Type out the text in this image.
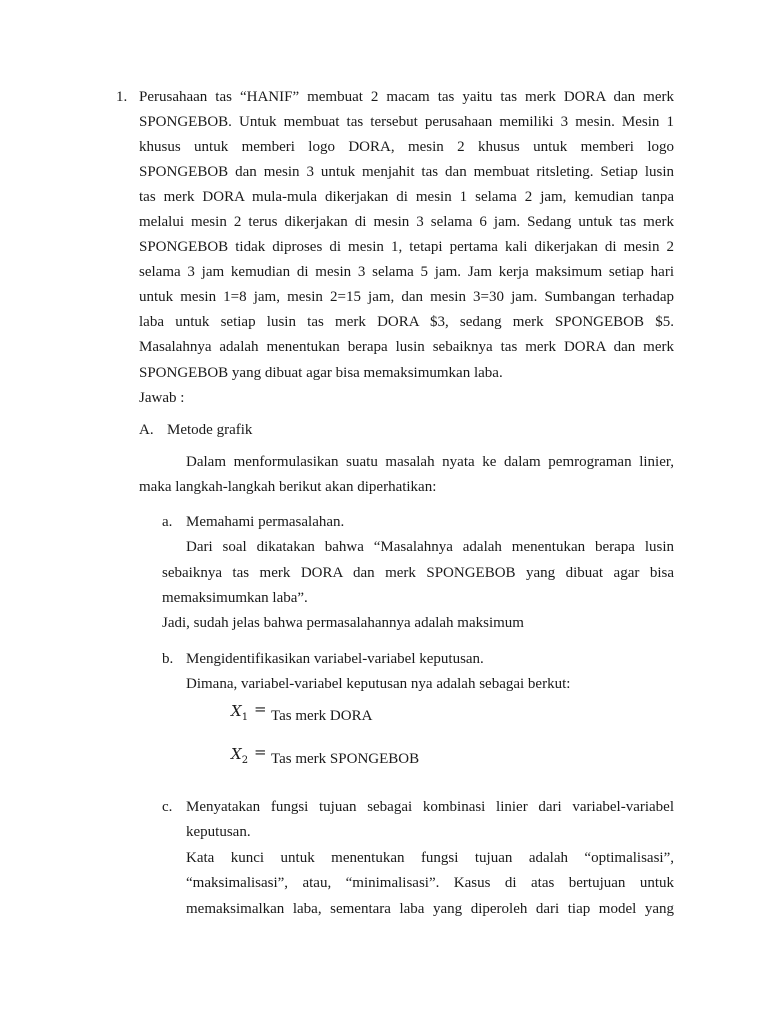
1. Perusahaan tas “HANIF” membuat 2 macam tas yaitu tas merk DORA dan merk
SPONGEBOB. Untuk membuat tas tersebut perusahaan memiliki 3 mesin. Mesin 1
khusus untuk memberi logo DORA, mesin 2 khusus untuk memberi logo
SPONGEBOB dan mesin 3 untuk menjahit tas dan membuat ritsleting. Setiap lusin
tas merk DORA mula-mula dikerjakan di mesin 1 selama 2 jam, kemudian tanpa
melalui mesin 2 terus dikerjakan di mesin 3 selama 6 jam. Sedang untuk tas merk
SPONGEBOB tidak diproses di mesin 1, tetapi pertama kali dikerjakan di mesin 2
selama 3 jam kemudian di mesin 3 selama 5 jam. Jam kerja maksimum setiap hari
untuk mesin 1=8 jam, mesin 2=15 jam, dan mesin 3=30 jam. Sumbangan terhadap
laba untuk setiap lusin tas merk DORA $3, sedang merk SPONGEBOB $5.
Masalahnya adalah menentukan berapa lusin sebaiknya tas merk DORA dan merk
SPONGEBOB yang dibuat agar bisa memaksimumkan laba.
Jawab :
A. Metode grafik
Dalam menformulasikan suatu masalah nyata ke dalam pemrograman linier,
maka langkah-langkah berikut akan diperhatikan:
a. Memahami permasalahan.
Dari soal dikatakan bahwa “Masalahnya adalah menentukan berapa lusin
sebaiknya tas merk DORA dan merk SPONGEBOB yang dibuat agar bisa
memaksimumkan laba”.
Jadi, sudah jelas bahwa permasalahannya adalah maksimum
b. Mengidentifikasikan variabel-variabel keputusan.
Dimana, variabel-variabel keputusan nya adalah sebagai berkut:
$X_1$ = Tas merk DORA
$X_2$ = Tas merk SPONGEBOB
c. Menyatakan fungsi tujuan sebagai kombinasi linier dari variabel-variabel
keputusan.
Kata kunci untuk menentukan fungsi tujuan adalah “optimalisasi”,
“maksimalisasi”, atau, “minimalisasi”. Kasus di atas bertujuan untuk
memaksimalkan laba, sementara laba yang diperoleh dari tiap model yang
